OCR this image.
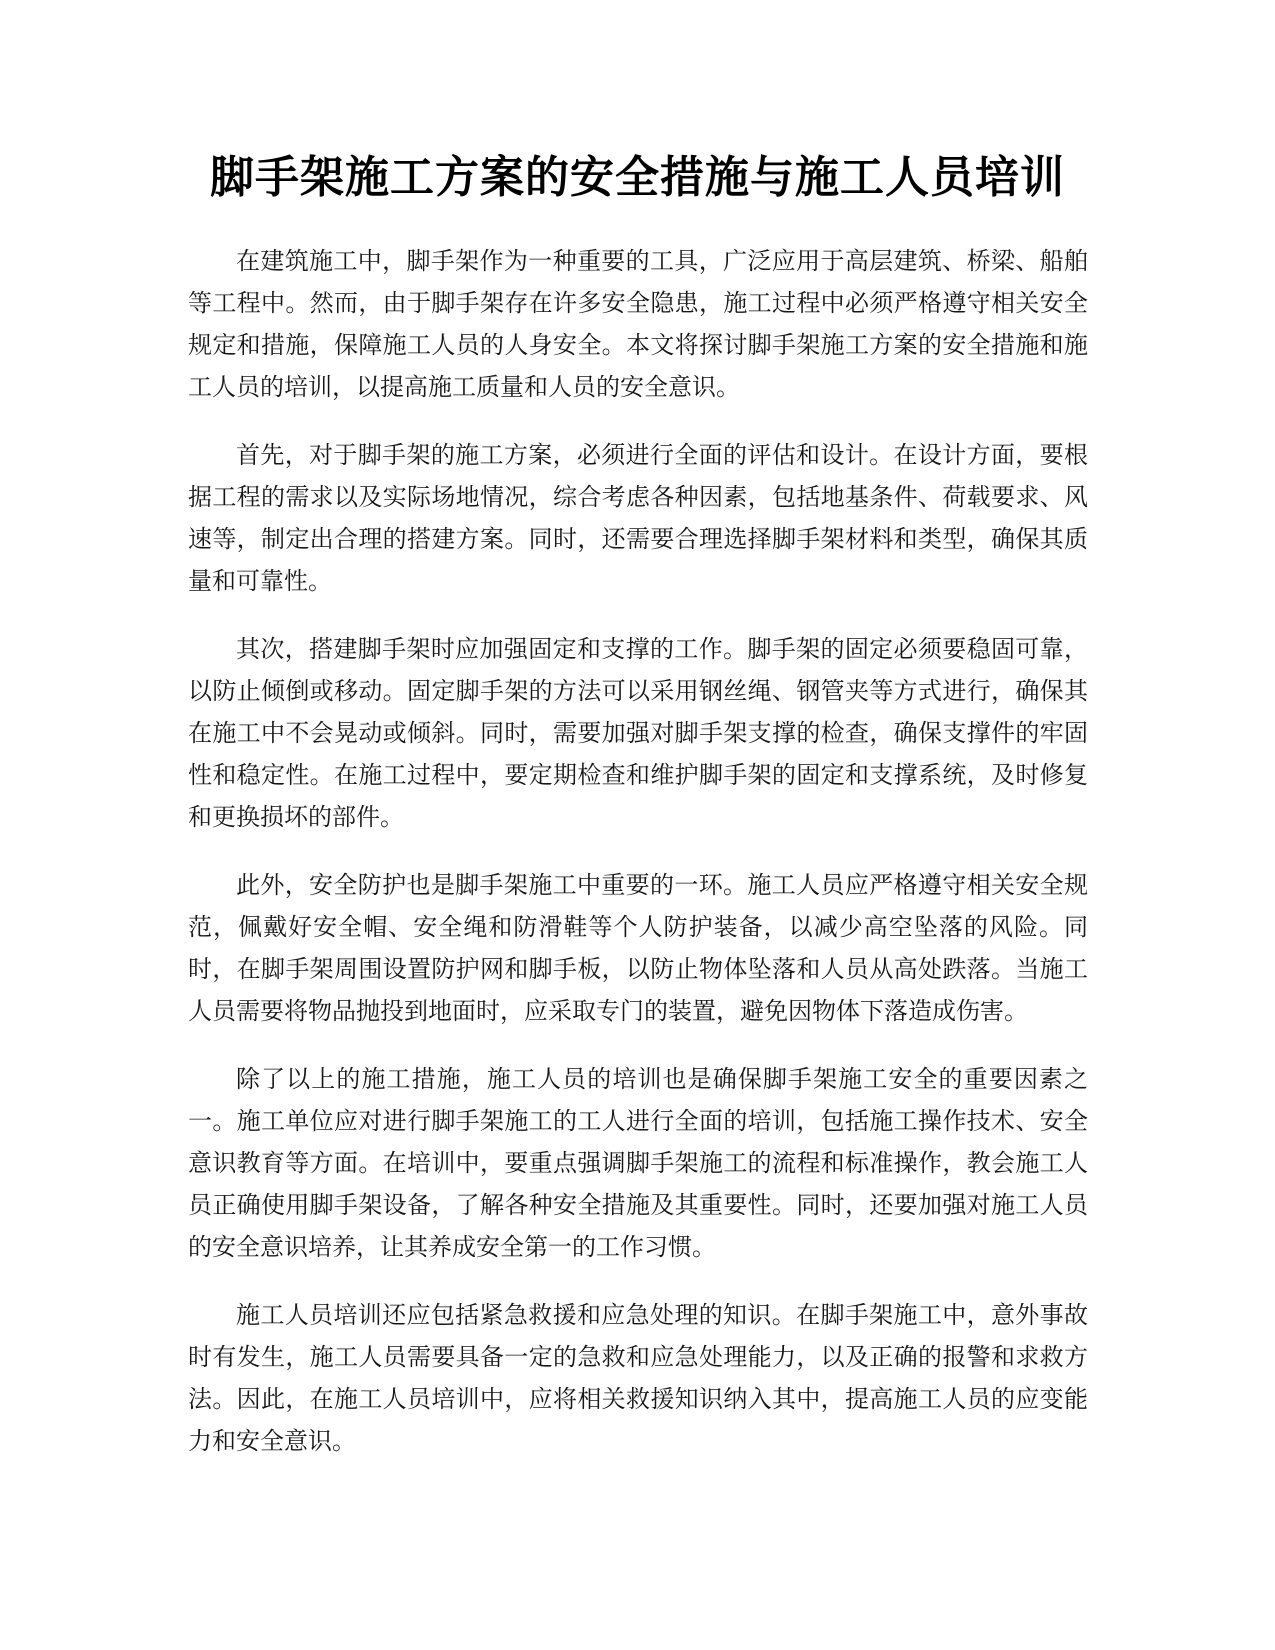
脚手架施工方案的安全措施与施工人员培训

在建筑施工中，脚手架作为一种重要的工具，广泛应用于高层建筑、桥梁、船舶等工程中。然而，由于脚手架存在许多安全隐患，施工过程中必须严格遵守相关安全规定和措施，保障施工人员的人身安全。本文将探讨脚手架施工方案的安全措施和施工人员的培训，以提高施工质量和人员的安全意识。

首先，对于脚手架的施工方案，必须进行全面的评估和设计。在设计方面，要根据工程的需求以及实际场地情况，综合考虑各种因素，包括地基条件、荷载要求、风速等，制定出合理的搭建方案。同时，还需要合理选择脚手架材料和类型，确保其质量和可靠性。

其次，搭建脚手架时应加强固定和支撑的工作。脚手架的固定必须要稳固可靠，以防止倾倒或移动。固定脚手架的方法可以采用钢丝绳、钢管夹等方式进行，确保其在施工中不会晃动或倾斜。同时，需要加强对脚手架支撑的检查，确保支撑件的牢固性和稳定性。在施工过程中，要定期检查和维护脚手架的固定和支撑系统，及时修复和更换损坏的部件。

此外，安全防护也是脚手架施工中重要的一环。施工人员应严格遵守相关安全规范，佩戴好安全帽、安全绳和防滑鞋等个人防护装备，以减少高空坠落的风险。同时，在脚手架周围设置防护网和脚手板，以防止物体坠落和人员从高处跌落。当施工人员需要将物品抛投到地面时，应采取专门的装置，避免因物体下落造成伤害。

除了以上的施工措施，施工人员的培训也是确保脚手架施工安全的重要因素之一。施工单位应对进行脚手架施工的工人进行全面的培训，包括施工操作技术、安全意识教育等方面。在培训中，要重点强调脚手架施工的流程和标准操作，教会施工人员正确使用脚手架设备，了解各种安全措施及其重要性。同时，还要加强对施工人员的安全意识培养，让其养成安全第一的工作习惯。

施工人员培训还应包括紧急救援和应急处理的知识。在脚手架施工中，意外事故时有发生，施工人员需要具备一定的急救和应急处理能力，以及正确的报警和求救方法。因此，在施工人员培训中，应将相关救援知识纳入其中，提高施工人员的应变能力和安全意识。
